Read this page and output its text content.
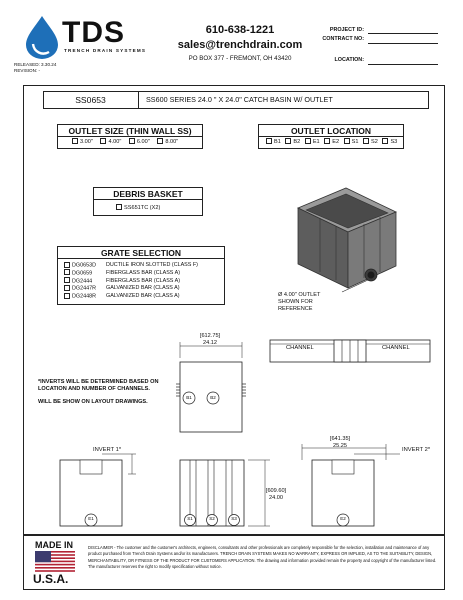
TDS
TRENCH DRAIN SYSTEMS
RELEASED: 3.30.24
REVISION: -
610-638-1221
sales@trenchdrain.com
PO BOX 377 - FREMONT, OH 43420
PROJECT ID:
CONTRACT NO:
LOCATION:
SS0653	SS600 SERIES 24.0 " X 24.0" CATCH BASIN W/ OUTLET
OUTLET SIZE (THIN WALL SS)
3.00"	4.00"	6.00"	8.00"
OUTLET LOCATION
B1 B2 E1 E2 S1 S2 S3
DEBRIS BASKET
SS651TC (X2)
GRATE SELECTION
DG0653D	DUCTILE IRON SLOTTED (CLASS F)
DG0659	FIBERGLASS BAR (CLASS A)
DG2444	FIBERGLASS BAR (CLASS A)
DG2447R	GALVANIZED BAR (CLASS A)
DG2448R	GALVANIZED BAR (CLASS A)	Ø 4.00" OUTLET
SHOWN FOR
REFERENCE
[612.75]
24.12
B1	B2
CHANNEL	CHANNEL
*INVERTS WILL BE DETERMINED BASED ON
LOCATION AND NUMBER OF CHANNELS.
WILL BE SHOW ON LAYOUT DRAWINGS.
INVERT 1*	INVERT 2*
[641.35]
25.25
[609.60]
24.00
E1	S1	S2	S3	E2
MADE IN
U.S.A.
DISCLAIMER - The customer and the customer's architects, engineers, consultants and other professionals are completely responsible for the selection, installation and maintenance of any product purchased from Trench Drain Systems and/or its manufacturers. TRENCH DRAIN SYSTEMS MAKES NO WARRANTY, EXPRESS OR IMPLIED, AS TO THE SUITABILITY, DESIGN, MERCHANTABILITY, OR FITNESS OF THE PRODUCT FOR CUSTOMERS APPLICATION. The drawing and information provided remain the property and copyright of the manufacturer listed. The manufacturer reserves the right to modify specification without notice.
